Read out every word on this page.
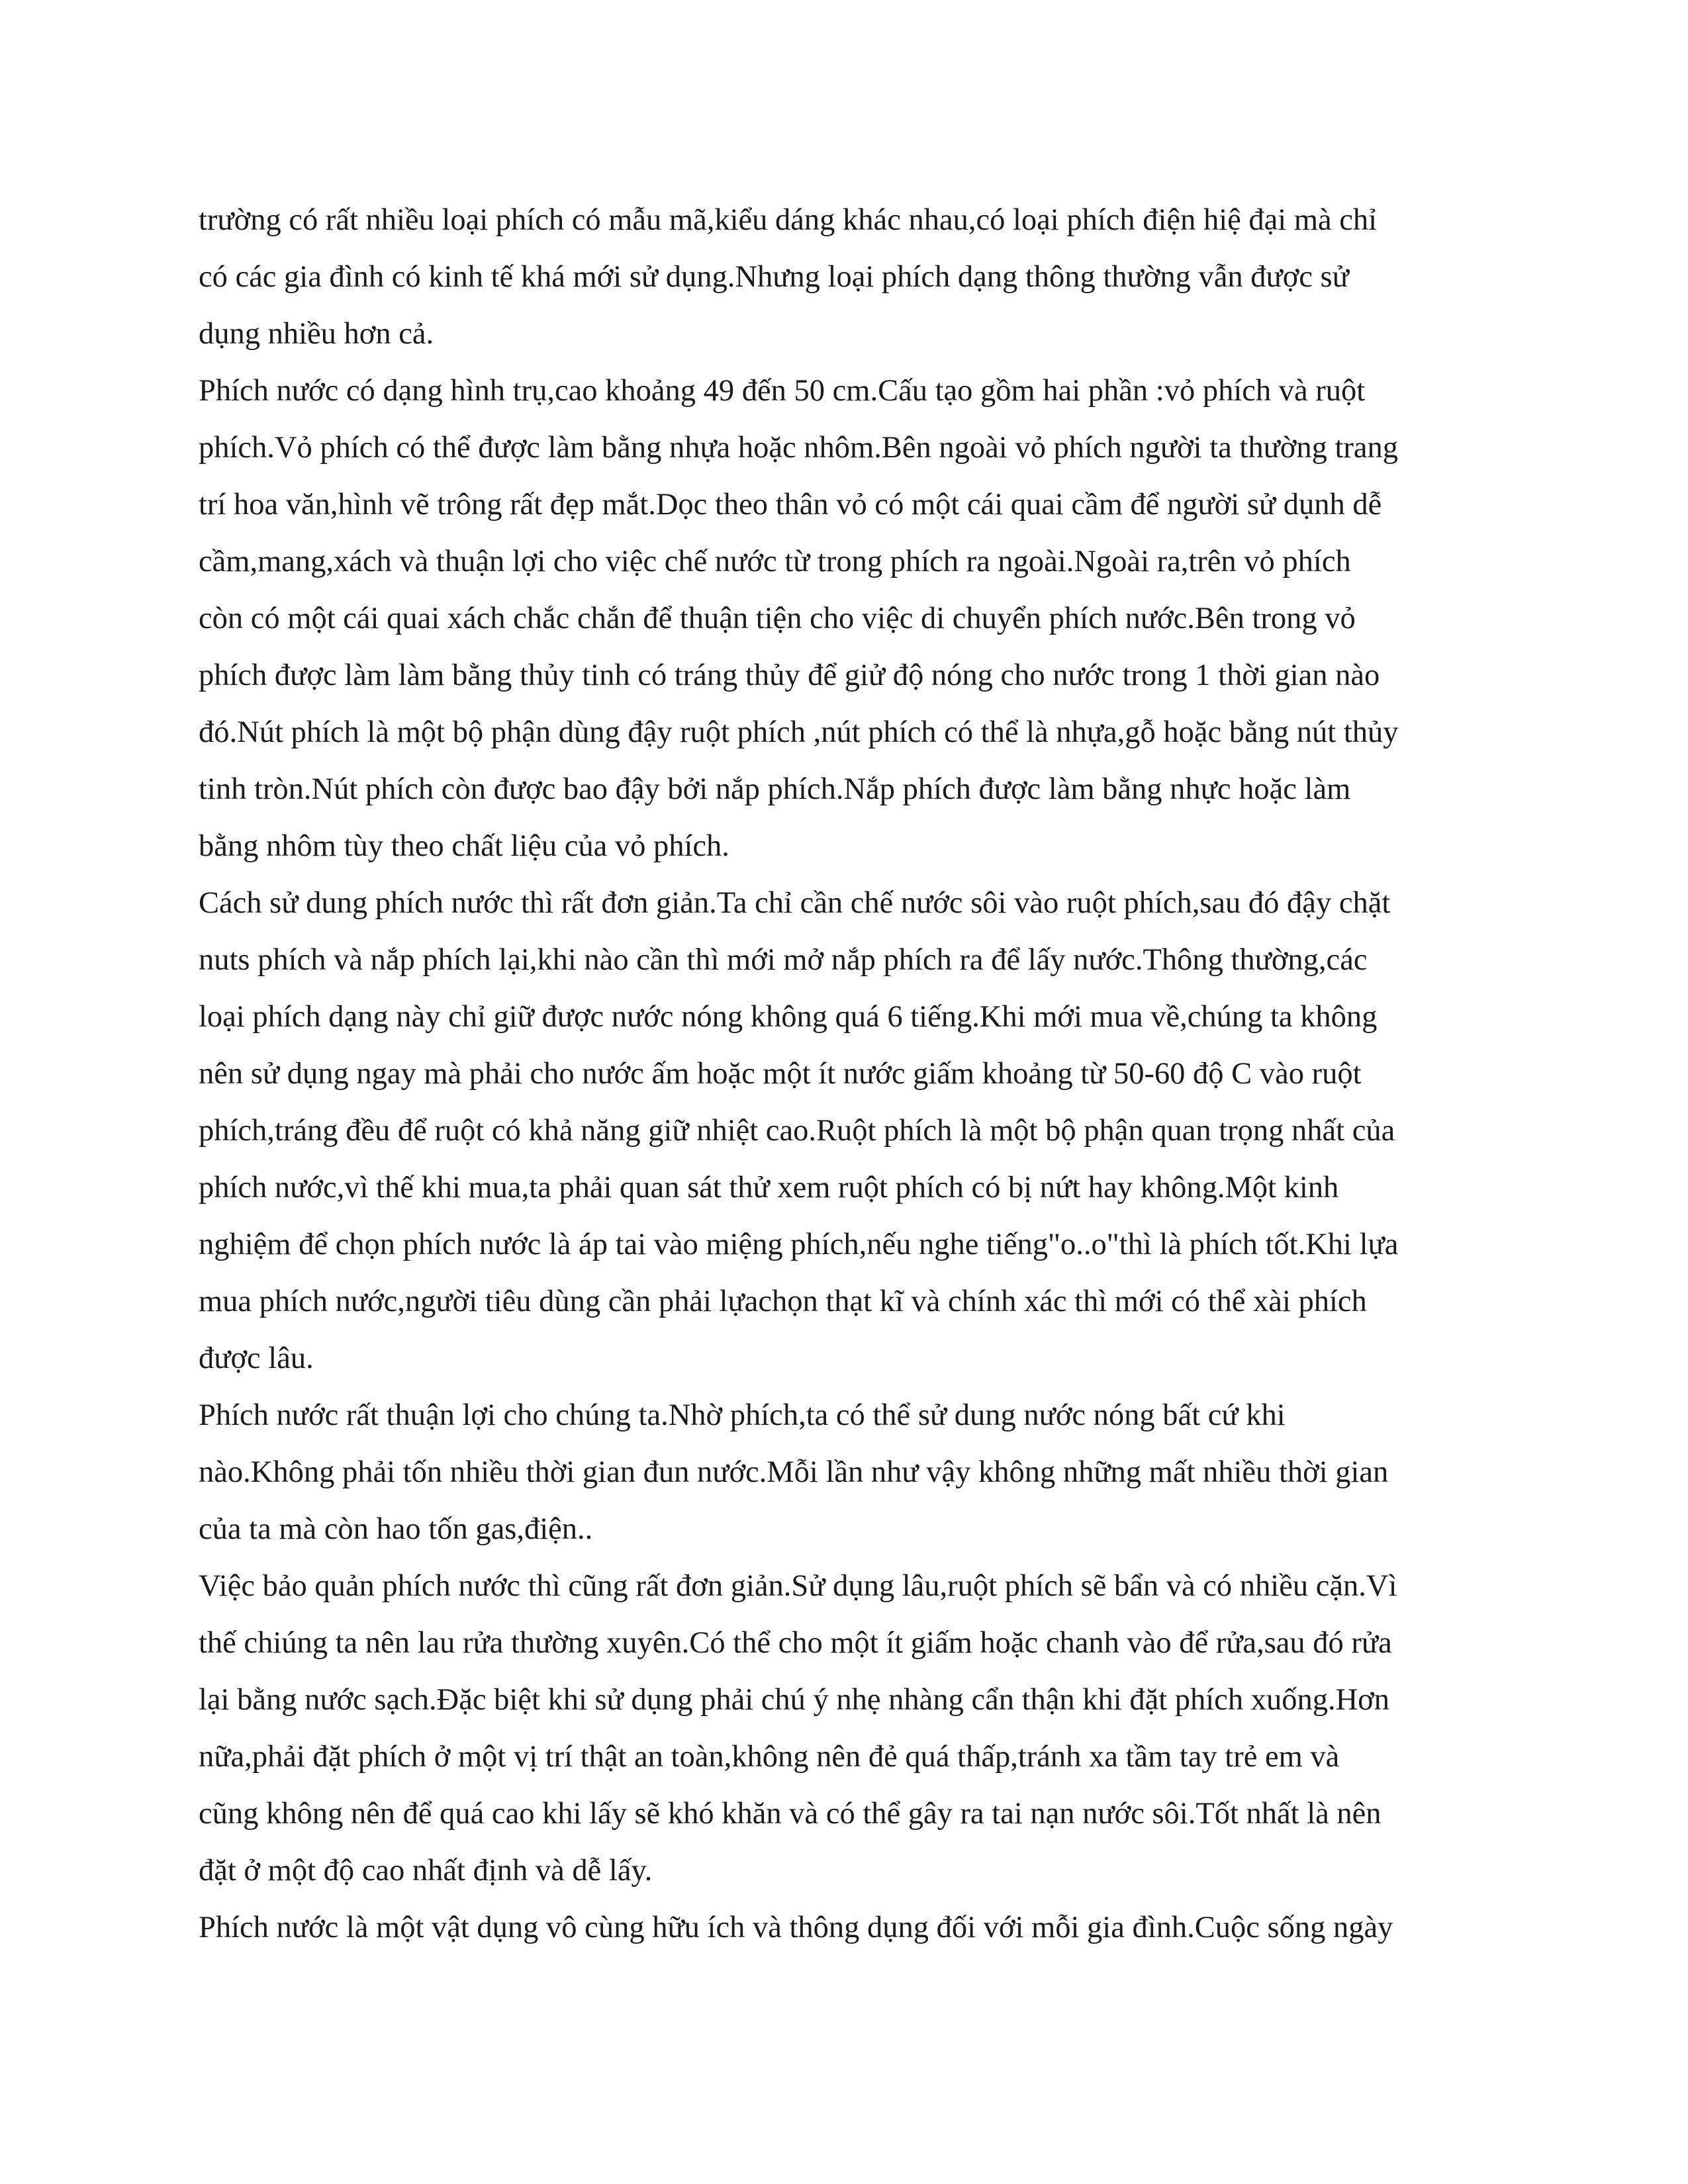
trường có rất nhiều loại phích có mẫu mã,kiểu dáng khác nhau,có loại phích điện hiệ đại mà chỉ
có các gia đình có kinh tế khá mới sử dụng.Nhưng loại phích dạng thông thường vẫn được sử
dụng nhiều hơn cả.
Phích nước có dạng hình trụ,cao khoảng 49 đến 50 cm.Cấu tạo gồm hai phần :vỏ phích và ruột
phích.Vỏ phích có thể được làm bằng nhựa hoặc nhôm.Bên ngoài vỏ phích người ta thường trang
trí hoa văn,hình vẽ trông rất đẹp mắt.Dọc theo thân vỏ có một cái quai cầm để người sử dụnh dễ
cầm,mang,xách và thuận lợi cho việc chế nước từ trong phích ra ngoài.Ngoài ra,trên vỏ phích
còn có một cái quai xách chắc chắn để thuận tiện cho việc di chuyển phích nước.Bên trong vỏ
phích được làm làm bằng thủy tinh có tráng thủy để giử độ nóng cho nước trong 1 thời gian nào
đó.Nút phích là một bộ phận dùng đậy ruột phích ,nút phích có thể là nhựa,gỗ hoặc bằng nút thủy
tinh tròn.Nút phích còn được bao đậy bởi nắp phích.Nắp phích được làm bằng nhực hoặc làm
bằng nhôm tùy theo chất liệu của vỏ phích.
Cách sử dung phích nước thì rất đơn giản.Ta chỉ cần chế nước sôi vào ruột phích,sau đó đậy chặt
nuts phích và nắp phích lại,khi nào cần thì mới mở nắp phích ra để lấy nước.Thông thường,các
loại phích dạng này chỉ giữ được nước nóng không quá 6 tiếng.Khi mới mua về,chúng ta không
nên sử dụng ngay mà phải cho nước ấm hoặc một ít nước giấm khoảng từ 50-60 độ C vào ruột
phích,tráng đều để ruột có khả năng giữ nhiệt cao.Ruột phích là một bộ phận quan trọng nhất của
phích nước,vì thế khi mua,ta phải quan sát thử xem ruột phích có bị nứt hay không.Một kinh
nghiệm để chọn phích nước là áp tai vào miệng phích,nếu nghe tiếng"o..o"thì là phích tốt.Khi lựa
mua phích nước,người tiêu dùng cần phải lựachọn thạt kĩ và chính xác thì mới có thể xài phích
được lâu.
Phích nước rất thuận lợi cho chúng ta.Nhờ phích,ta có thể sử dung nước nóng bất cứ khi
nào.Không phải tốn nhiều thời gian đun nước.Mỗi lần như vậy không những mất nhiều thời gian
của ta mà còn hao tốn gas,điện..
Việc bảo quản phích nước thì cũng rất đơn giản.Sử dụng lâu,ruột phích sẽ bẩn và có nhiều cặn.Vì
thế chiúng ta nên lau rửa thường xuyên.Có thể cho một ít giấm hoặc chanh vào để rửa,sau đó rửa
lại bằng nước sạch.Đặc biệt khi sử dụng phải chú ý nhẹ nhàng cẩn thận khi đặt phích xuống.Hơn
nữa,phải đặt phích ở một vị trí thật an toàn,không nên đẻ quá thấp,tránh xa tầm tay trẻ em và
cũng không nên để quá cao khi lấy sẽ khó khăn và có thể gây ra tai nạn nước sôi.Tốt nhất là nên
đặt ở một độ cao nhất định và dễ lấy.
Phích nước là một vật dụng vô cùng hữu ích và thông dụng đối với mỗi gia đình.Cuộc sống ngày
